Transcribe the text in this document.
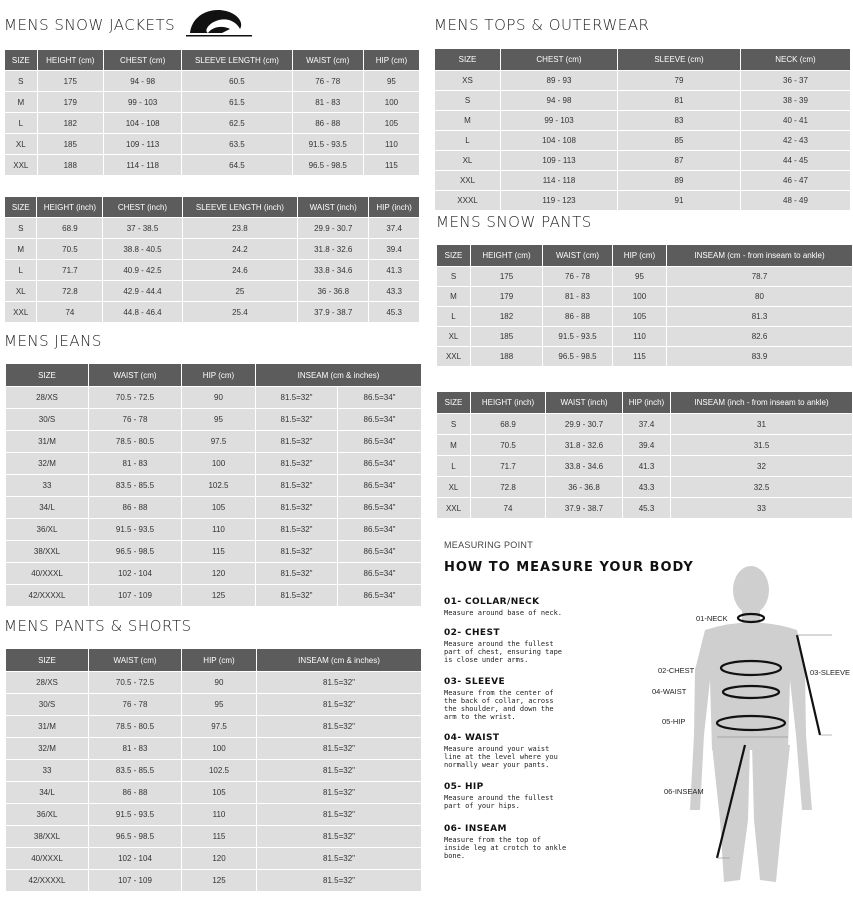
MENS SNOW JACKETS
SIZE	HEIGHT (cm)	CHEST (cm)	SLEEVE LENGTH (cm)	WAIST (cm)	HIP (cm)
S	175	94 - 98	60.5	76 - 78	95
M	179	99 - 103	61.5	81 - 83	100
L	182	104 - 108	62.5	86 - 88	105
XL	185	109 - 113	63.5	91.5 - 93.5	110
XXL	188	114 - 118	64.5	96.5 - 98.5	115
SIZE	HEIGHT (inch)	CHEST (inch)	SLEEVE LENGTH (inch)	WAIST (inch)	HIP (inch)
S	68.9	37 - 38.5	23.8	29.9 - 30.7	37.4
M	70.5	38.8 - 40.5	24.2	31.8 - 32.6	39.4
L	71.7	40.9 - 42.5	24.6	33.8 - 34.6	41.3
XL	72.8	42.9 - 44.4	25	36 - 36.8	43.3
XXL	74	44.8 - 46.4	25.4	37.9 - 38.7	45.3
MENS JEANS
SIZE	WAIST (cm)	HIP (cm)	INSEAM (cm & inches)	
28/XS	70.5 - 72.5	90	81.5=32"	86.5=34"
30/S	76 - 78	95	81.5=32"	86.5=34"
31/M	78.5 - 80.5	97.5	81.5=32"	86.5=34"
32/M	81 - 83	100	81.5=32"	86.5=34"
33	83.5 - 85.5	102.5	81.5=32"	86.5=34"
34/L	86 - 88	105	81.5=32"	86.5=34"
36/XL	91.5 - 93.5	110	81.5=32"	86.5=34"
38/XXL	96.5 - 98.5	115	81.5=32"	86.5=34"
40/XXXL	102 - 104	120	81.5=32"	86.5=34"
42/XXXXL	107 - 109	125	81.5=32"	86.5=34"
MENS PANTS & SHORTS
SIZE	WAIST (cm)	HIP (cm)	INSEAM (cm & inches)
28/XS	70.5 - 72.5	90	81.5=32"
30/S	76 - 78	95	81.5=32"
31/M	78.5 - 80.5	97.5	81.5=32"
32/M	81 - 83	100	81.5=32"
33	83.5 - 85.5	102.5	81.5=32"
34/L	86 - 88	105	81.5=32"
36/XL	91.5 - 93.5	110	81.5=32"
38/XXL	96.5 - 98.5	115	81.5=32"
40/XXXL	102 - 104	120	81.5=32"
42/XXXXL	107 - 109	125	81.5=32"
MENS TOPS & OUTERWEAR
SIZE	CHEST (cm)	SLEEVE (cm)	NECK (cm)
XS	89 - 93	79	36 - 37
S	94 - 98	81	38 - 39
M	99 - 103	83	40 - 41
L	104 - 108	85	42 - 43
XL	109 - 113	87	44 - 45
XXL	114 - 118	89	46 - 47
XXXL	119 - 123	91	48 - 49
MENS SNOW PANTS
SIZE	HEIGHT (cm)	WAIST (cm)	HIP (cm)	INSEAM (cm - from inseam to ankle)
S	175	76 - 78	95	78.7
M	179	81 - 83	100	80
L	182	86 - 88	105	81.3
XL	185	91.5 - 93.5	110	82.6
XXL	188	96.5 - 98.5	115	83.9
SIZE	HEIGHT (inch)	WAIST (inch)	HIP (inch)	INSEAM (inch - from inseam to ankle)
S	68.9	29.9 - 30.7	37.4	31
M	70.5	31.8 - 32.6	39.4	31.5
L	71.7	33.8 - 34.6	41.3	32
XL	72.8	36 - 36.8	43.3	32.5
XXL	74	37.9 - 38.7	45.3	33
MEASURING POINT
HOW TO MEASURE YOUR BODY
01- COLLAR/NECK
Measure around base of neck.
02- CHEST
Measure around the fullest part of chest, ensuring tape is close under arms.
03- SLEEVE
Measure from the center of the back of collar, across the shoulder, and down the arm to the wrist.
04- WAIST
Measure around your waist line at the level where you normally wear your pants.
05- HIP
Measure around the fullest part of your hips.
06- INSEAM
Measure from the top of inside leg at crotch to ankle bone.
01-NECK
02-CHEST	03-SLEEVE
04-WAIST
05-HIP
06-INSEAM
